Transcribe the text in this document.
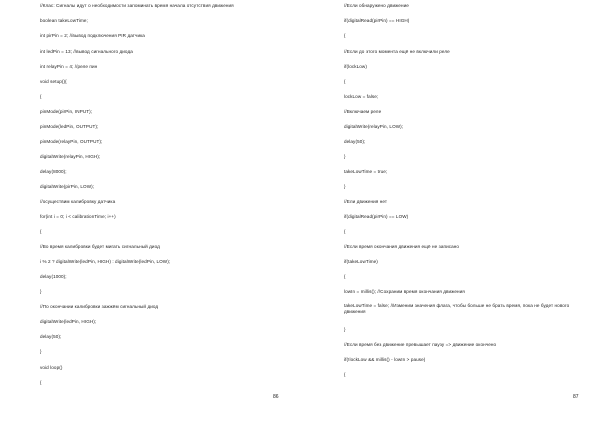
//Клас: Сигналы идут о необходимости запоминать время начала отсутствия движения
boolean takeLowTime;
int pirPin = 2; //вывод подключения PIR датчика
int ledPin = 13; //вывод сигнального диода
int relayPin = 4; //реле пин
void setup(){
{
pinMode(pirPin, INPUT);
pinMode(ledPin, OUTPUT);
pinMode(relayPin, OUTPUT);
digitalWrite(relayPin, HIGH);
delay(8000);
digitalWrite(pirPin, LOW);
//осуществим калибровку датчика
for(int i = 0; i < calibrationTime; i++)
{
//Во время калибровки будет мигать сигнальный диод
i % 2 ? digitalWrite(ledPin, HIGH) : digitalWrite(ledPin, LOW);
delay(1000);
}
//По окончании калибровки зажжём сигнальный диод
digitalWrite(ledPin, HIGH);
delay(50);
}
void loop()
{
86
//Если обнаружено движение
if(digitalRead(pirPin) == HIGH)
{
//Если до этого момента ещё не включили реле
if(lockLow)
{
lockLow = false;
//Включаем реле
digitalWrite(relayPin, LOW);
delay(50);
}
takeLowTime = true;
}
//Ели движения нет
if(digitalRead(pirPin) == LOW)
{
//Если время окончания движения ещё не записано
if(takeLowTime)
{
lowIn = millis(); //Сохраним время окончания движения
takeLowTime = false; //Изменим значения флага, чтобы больше не брать время, пока не будет нового движения
}
//Если время без движение превышает паузу => движение окончено
if(!lockLow && millis() - lowIn > pause)
{
87
